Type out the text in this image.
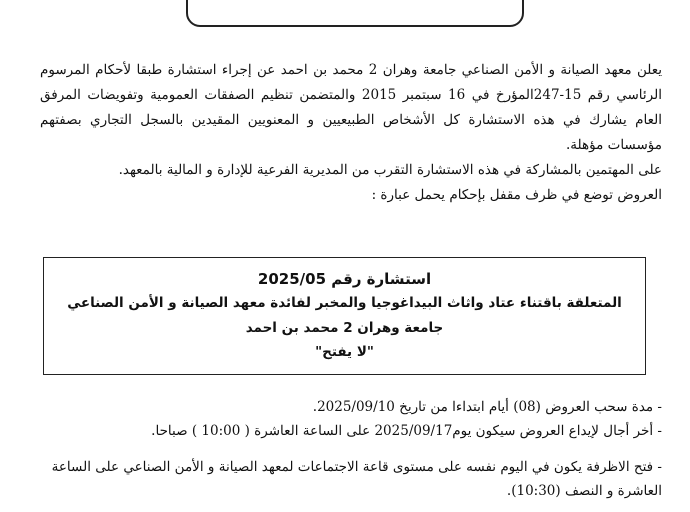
يعلن معهد الصيانة و الأمن الصناعي جامعة وهران 2 محمد بن احمد عن إجراء استشارة طبقا لأحكام المرسوم الرئاسي رقم 15-247المؤرخ في 16 سبتمبر 2015 والمتضمن تنظيم الصفقات العمومية وتفويضات المرفق العام يشارك في هذه الاستشارة كل الأشخاص الطبيعيين و المعنويين المقيدين بالسجل التجاري بصفتهم مؤسسات مؤهلة.

على المهتمين بالمشاركة في هذه الاستشارة التقرب من المديرية الفرعية للإدارة و المالية بالمعهد.

العروض توضع في ظرف مقفل بإحكام يحمل عبارة :

استشارة رقم 2025/05
المتعلقة باقتناء عتاد واثاث البيداغوجيا والمخبر لفائدة معهد الصيانة و الأمن الصناعي
جامعة وهران 2 محمد بن احمد
"لا يفتح"

- مدة سحب العروض (08) أيام ابتداءا من تاريخ 2025/09/10.

- أخر أجال لإيداع العروض سيكون يوم2025/09/17 على الساعة العاشرة ( 10:00 ) صباحا.

- فتح الاظرفة يكون في اليوم نفسه على مستوى قاعة الاجتماعات لمعهد الصيانة و الأمن الصناعي على الساعة العاشرة و النصف (10:30).
